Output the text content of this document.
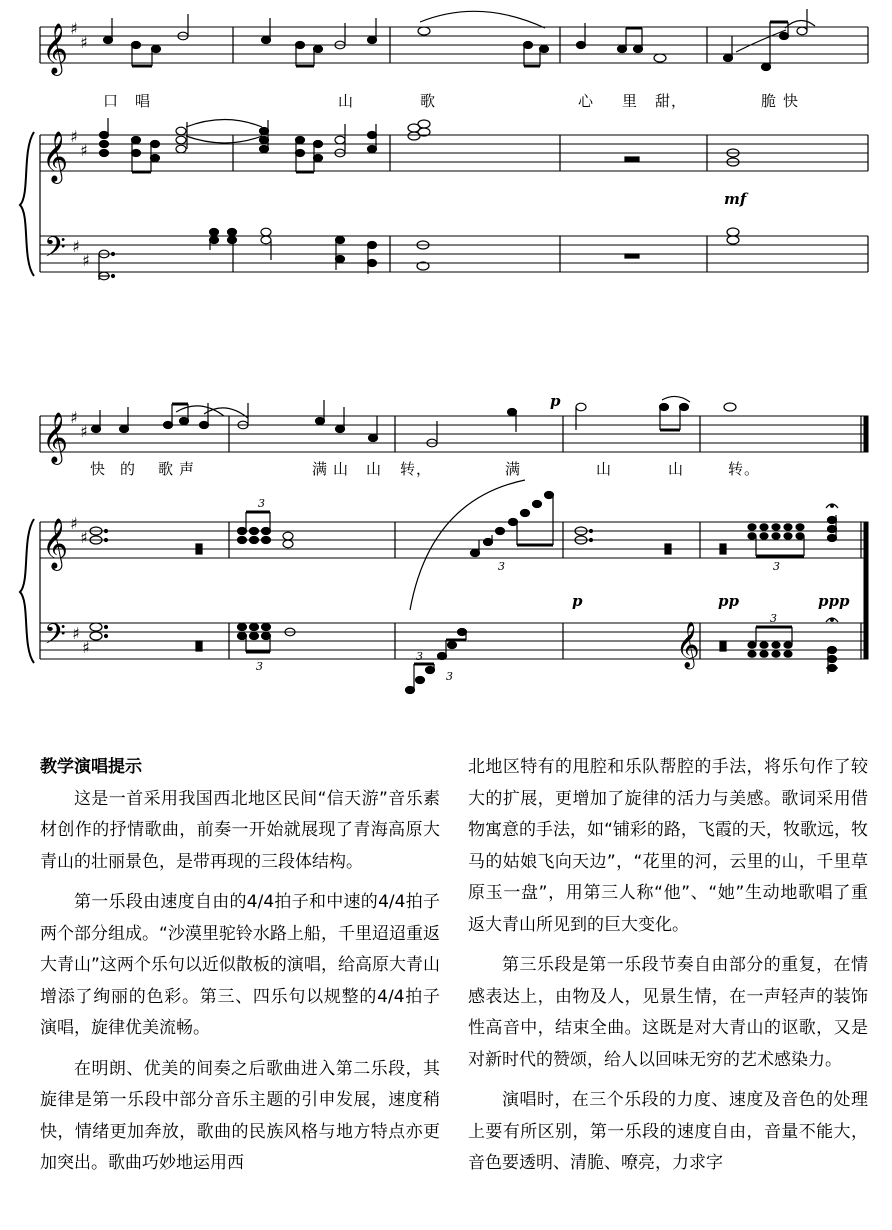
𝄞
𝄞
𝄢
𝄞
𝄞
𝄢	𝄞
♯
♯
♯
♯
♯
♯
♯
♯
♯
♯
♯
♯
3
3	3
3
3
3
3
口 唱	山	歌	心 里 甜，	脆 快
mf
快 的 歌 声	满 山 山 转，	满	山	山	转。
p
p	pp	ppp
教学演唱提示

这是一首采用我国西北地区民间“信天游”音乐素材创作的抒情歌曲，前奏一开始就展现了青海高原大青山的壮丽景色，是带再现的三段体结构。

第一乐段由速度自由的4/4拍子和中速的4/4拍子两个部分组成。“沙漠里驼铃水路上船，千里迢迢重返大青山”这两个乐句以近似散板的演唱，给高原大青山增添了绚丽的色彩。第三、四乐句以规整的4/4拍子演唱，旋律优美流畅。

在明朗、优美的间奏之后歌曲进入第二乐段，其旋律是第一乐段中部分音乐主题的引申发展，速度稍快，情绪更加奔放，歌曲的民族风格与地方特点亦更加突出。歌曲巧妙地运用西

北地区特有的甩腔和乐队帮腔的手法，将乐句作了较大的扩展，更增加了旋律的活力与美感。歌词采用借物寓意的手法，如“铺彩的路，飞霞的天，牧歌远，牧马的姑娘飞向天边”，“花里的河，云里的山，千里草原玉一盘”，用第三人称“他”、“她”生动地歌唱了重返大青山所见到的巨大变化。

第三乐段是第一乐段节奏自由部分的重复，在情感表达上，由物及人，见景生情，在一声轻声的装饰性高音中，结束全曲。这既是对大青山的讴歌，又是对新时代的赞颂，给人以回味无穷的艺术感染力。

演唱时，在三个乐段的力度、速度及音色的处理上要有所区别，第一乐段的速度自由，音量不能大，音色要透明、清脆、嘹亮，力求字
